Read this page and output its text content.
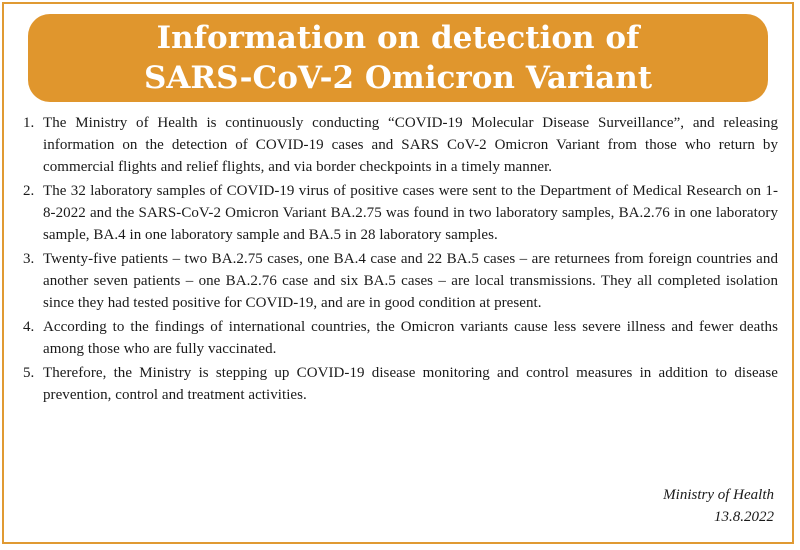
Information on detection of
SARS-CoV-2 Omicron Variant
1. The Ministry of Health is continuously conducting “COVID-19 Molecular Disease Surveillance”, and releasing information on the detection of COVID-19 cases and SARS CoV-2 Omicron Variant from those who return by commercial flights and relief flights, and via border checkpoints in a timely manner.
2. The 32 laboratory samples of COVID-19 virus of positive cases were sent to the Department of Medical Research on 1-8-2022 and the SARS-CoV-2 Omicron Variant BA.2.75 was found in two laboratory samples, BA.2.76 in one laboratory sample, BA.4 in one laboratory sample and BA.5 in 28 laboratory samples.
3. Twenty-five patients – two BA.2.75 cases, one BA.4 case and 22 BA.5 cases – are returnees from foreign countries and another seven patients – one BA.2.76 case and six BA.5 cases – are local transmissions. They all completed isolation since they had tested positive for COVID-19, and are in good condition at present.
4. According to the findings of international countries, the Omicron variants cause less severe illness and fewer deaths among those who are fully vaccinated.
5. Therefore, the Ministry is stepping up COVID-19 disease monitoring and control measures in addition to disease prevention, control and treatment activities.
Ministry of Health
13.8.2022
